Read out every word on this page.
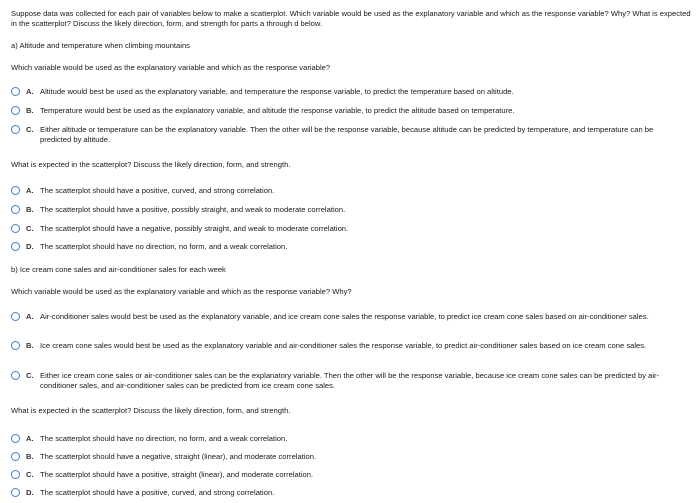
Suppose data was collected for each pair of variables below to make a scatterplot. Which variable would be used as the explanatory variable and which as the response variable? Why? What is expected in the scatterplot? Discuss the likely direction, form, and strength for parts a through d below.
a) Altitude and temperature when climbing mountains
Which variable would be used as the explanatory variable and which as the response variable?
A. Altitude would best be used as the explanatory variable, and temperature the response variable, to predict the temperature based on altitude.
B. Temperature would best be used as the explanatory variable, and altitude the response variable, to predict the altitude based on temperature.
C. Either altitude or temperature can be the explanatory variable. Then the other will be the response variable, because altitude can be predicted by temperature, and temperature can be predicted by altitude.
What is expected in the scatterplot? Discuss the likely direction, form, and strength.
A. The scatterplot should have a positive, curved, and strong correlation.
B. The scatterplot should have a positive, possibly straight, and weak to moderate correlation.
C. The scatterplot should have a negative, possibly straight, and weak to moderate correlation.
D. The scatterplot should have no direction, no form, and a weak correlation.
b) Ice cream cone sales and air-conditioner sales for each week
Which variable would be used as the explanatory variable and which as the response variable? Why?
A. Air-conditioner sales would best be used as the explanatory variable, and ice cream cone sales the response variable, to predict ice cream cone sales based on air-conditioner sales.
B. Ice cream cone sales would best be used as the explanatory variable and air-conditioner sales the response variable, to predict air-conditioner sales based on ice cream cone sales.
C. Either ice cream cone sales or air-conditioner sales can be the explanatory variable. Then the other will be the response variable, because ice cream cone sales can be predicted by air-conditioner sales, and air-conditioner sales can be predicted from ice cream cone sales.
What is expected in the scatterplot? Discuss the likely direction, form, and strength.
A. The scatterplot should have no direction, no form, and a weak correlation.
B. The scatterplot should have a negative, straight (linear), and moderate correlation.
C. The scatterplot should have a positive, straight (linear), and moderate correlation.
D. The scatterplot should have a positive, curved, and strong correlation.
